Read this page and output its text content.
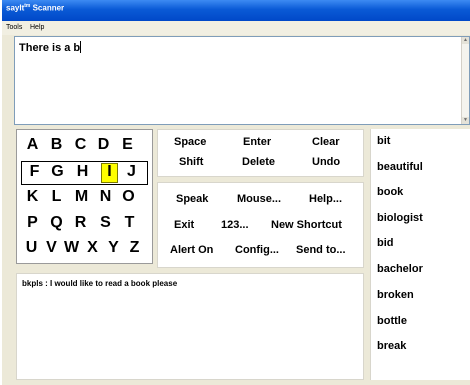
sayIt$^{tm}$ Scanner
Tools Help
There is a b
▲
▼
A B C D E
F G H	I J
K L M N O
P Q R S T
U V W X Y Z
Space	Enter	Clear
Shift	Delete	Undo
Speak	Mouse...	Help...
Exit 123... New Shortcut
Alert On Config... Send to...
bit
beautiful
book
biologist
bid
bachelor
broken
bottle
break
bkpls : I would like to read a book please
